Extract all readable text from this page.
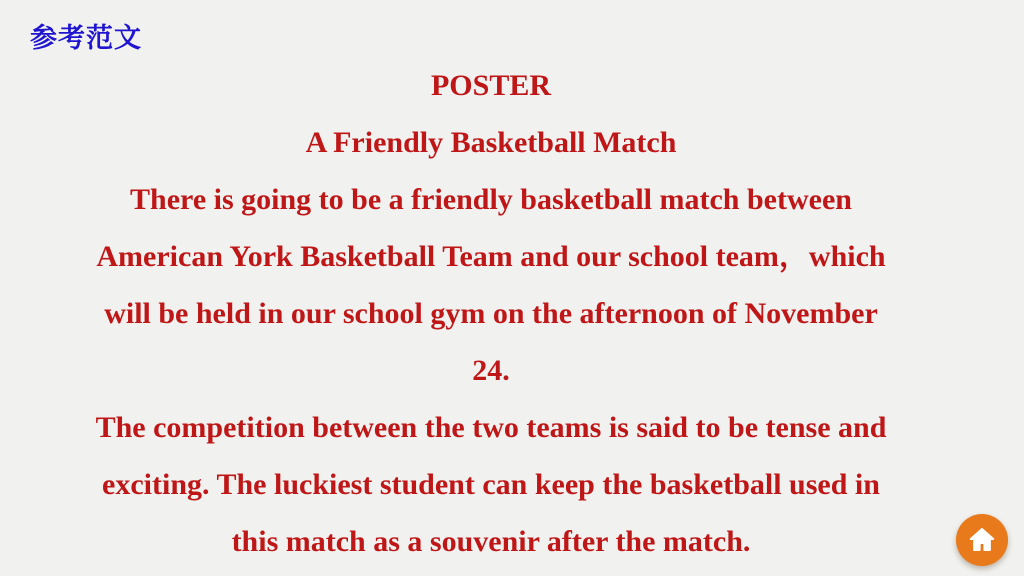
参考范文
POSTER
A Friendly Basketball Match
There is going to be a friendly basketball match between
American York Basketball Team and our school team，which
will be held in our school gym on the afternoon of November
24.
The competition between the two teams is said to be tense and
exciting. The luckiest student can keep the basketball used in
this match as a souvenir after the match.
